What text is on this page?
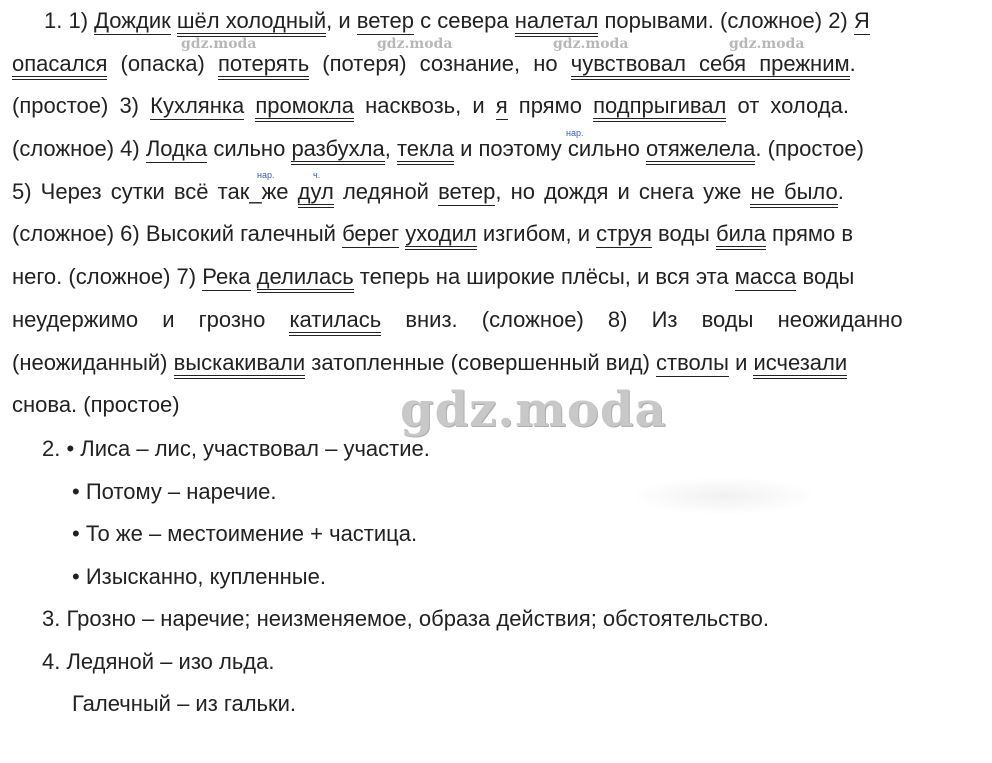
gdz.moda	gdz.moda	gdz.moda	gdz.moda
нар.
нар.	ч.
1. 1) Дождик шёл холодный, и ветер с севера налетал порывами. (сложное) 2) Я
опасался (опаска) потерять (потеря) сознание, но чувствовал себя прежним.
(простое) 3) Кухлянка промокла насквозь, и я прямо подпрыгивал от холода.
(сложное) 4) Лодка сильно разбухла, текла и поэтому сильно отяжелела. (простое)
5) Через сутки всё так_же дул ледяной ветер, но дождя и снега уже не было.
(сложное) 6) Высокий галечный берег уходил изгибом, и струя воды била прямо в
него. (сложное) 7) Река делилась теперь на широкие плёсы, и вся эта масса воды
неудержимо и грозно катилась вниз. (сложное) 8) Из воды неожиданно
(неожиданный) выскакивали затопленные (совершенный вид) стволы и исчезали
снова. (простое)	gdz.moda
2. • Лиса – лис, участвовал – участие.
• Потому – наречие.
• То же – местоимение + частица.
• Изысканно, купленные.
3. Грозно – наречие; неизменяемое, образа действия; обстоятельство.
4. Ледяной – изо льда.
Галечный – из гальки.
